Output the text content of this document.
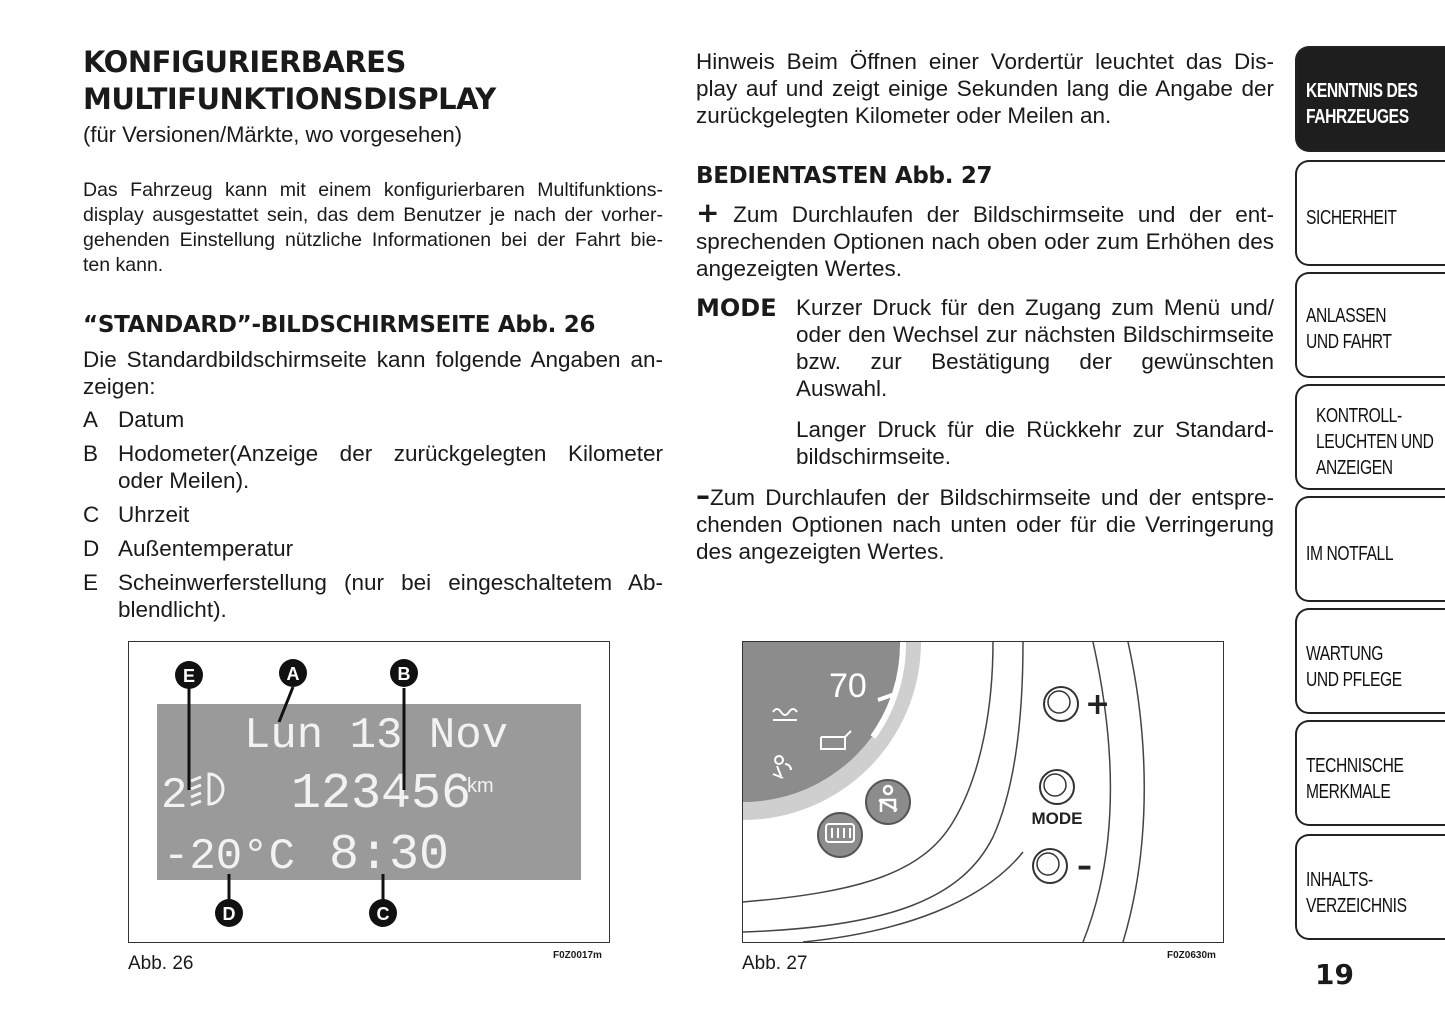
KONFIGURIERBARES
MULTIFUNKTIONSDISPLAY
(für Versionen/Märkte, wo vorgesehen)
Das Fahrzeug kann mit einem konfigurierbaren Multifunktions- display ausgestattet sein, das dem Benutzer je nach der vorher- gehenden Einstellung nützliche Informationen bei der Fahrt bie- ten kann.
“STANDARD”-BILDSCHIRMSEITE Abb. 26
Die Standardbildschirmseite kann folgende Angaben an- zeigen:
A Datum
B Hodometer(Anzeige der zurückgelegten Kilometer oder Meilen).
C Uhrzeit
D Außentemperatur
E Scheinwerferstellung (nur bei eingeschaltetem Ab- blendlicht).
Hinweis Beim Öffnen einer Vordertür leuchtet das Dis- play auf und zeigt einige Sekunden lang die Angabe der zurückgelegten Kilometer oder Meilen an.
BEDIENTASTEN Abb. 27
+ Zum Durchlaufen der Bildschirmseite und der ent- sprechenden Optionen nach oben oder zum Erhöhen des angezeigten Wertes.
MODE Kurzer Druck für den Zugang zum Menü und/ oder den Wechsel zur nächsten Bildschirmseite bzw. zur Bestätigung der gewünschten Auswahl.
Langer Druck für die Rückkehr zur Standard- bildschirmseite.
–Zum Durchlaufen der Bildschirmseite und der entspre- chenden Optionen nach unten oder für die Verringerung des angezeigten Wertes.
Lun 13 Nov
2 123456
km
-20°C 8:30
E	A	B
D	C
Abb. 26	F0Z0017m
70	+
MODE
–
Abb. 27	F0Z0630m
KENNTNIS DES
FAHRZEUGES
SICHERHEIT
ANLASSEN
UND FAHRT
KONTROLL-
LEUCHTEN UND
ANZEIGEN
IM NOTFALL
WARTUNG
UND PFLEGE
TECHNISCHE
MERKMALE
INHALTS-
VERZEICHNIS
19
